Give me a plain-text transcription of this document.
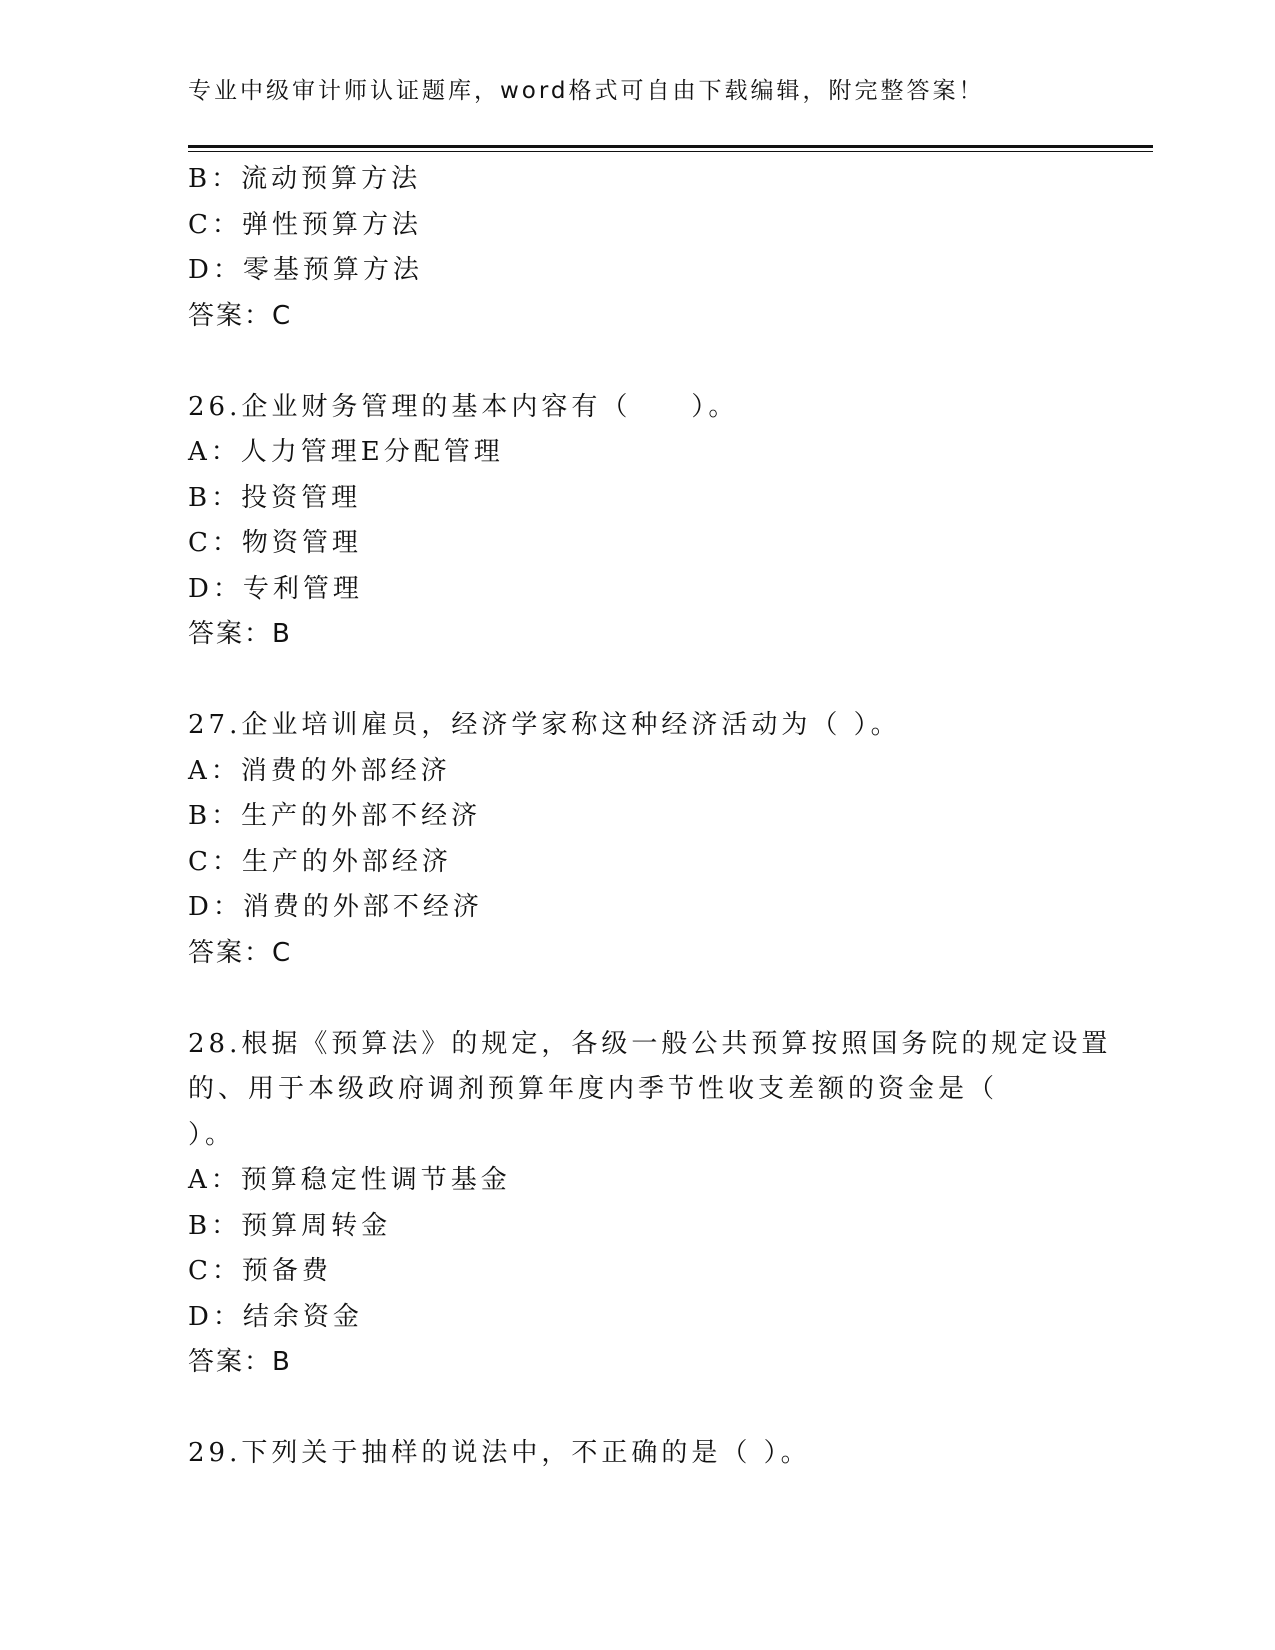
专业中级审计师认证题库，word格式可自由下载编辑，附完整答案！
B：流动预算方法
C：弹性预算方法
D：零基预算方法
答案：C
26.企业财务管理的基本内容有（　　）。
A：人力管理E分配管理
B：投资管理
C：物资管理
D：专利管理
答案：B
27.企业培训雇员，经济学家称这种经济活动为（ ）。
A：消费的外部经济
B：生产的外部不经济
C：生产的外部经济
D：消费的外部不经济
答案：C
28.根据《预算法》的规定，各级一般公共预算按照国务院的规定设置
的、用于本级政府调剂预算年度内季节性收支差额的资金是（
）。
A：预算稳定性调节基金
B：预算周转金
C：预备费
D：结余资金
答案：B
29.下列关于抽样的说法中，不正确的是（ ）。
